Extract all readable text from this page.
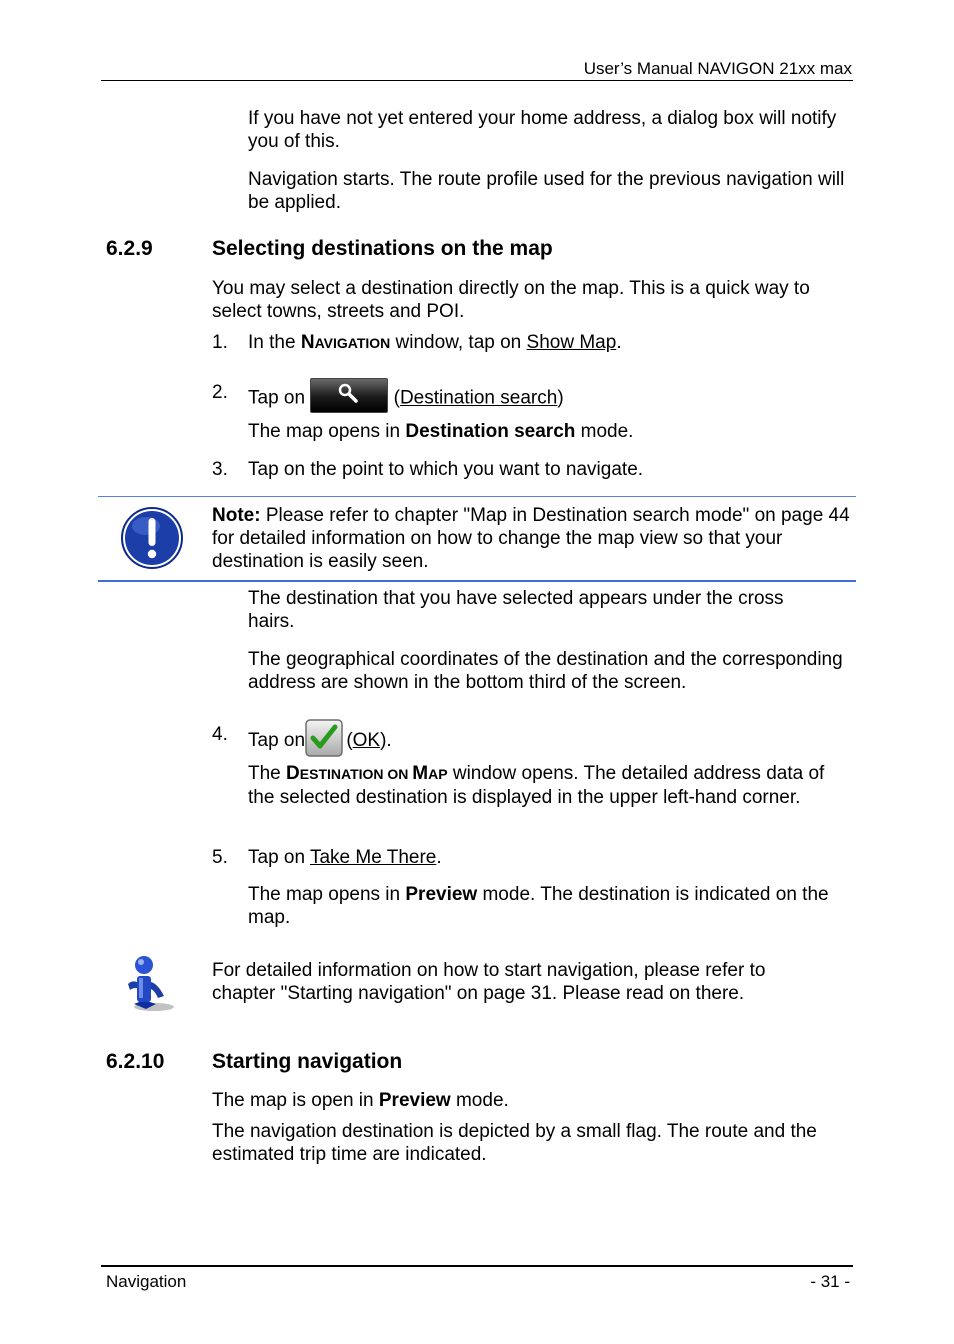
User’s Manual NAVIGON 21xx max

If you have not yet entered your home address, a dialog box will notify you of this.

Navigation starts. The route profile used for the previous navigation will be applied.

6.2.9	Selecting destinations on the map

You may select a destination directly on the map. This is a quick way to select towns, streets and POI.

1. In the NAVIGATION window, tap on Show Map.

2. Tap on	(Destination search)

The map opens in Destination search mode.

3. Tap on the point to which you want to navigate.

Note: Please refer to chapter "Map in Destination search mode" on page 44 for detailed information on how to change the map view so that your destination is easily seen.

The destination that you have selected appears under the cross hairs.

The geographical coordinates of the destination and the corresponding address are shown in the bottom third of the screen.

4. Tap on (OK).

The DESTINATION ON MAP window opens. The detailed address data of the selected destination is displayed in the upper left-hand corner.

5. Tap on Take Me There.

The map opens in Preview mode. The destination is indicated on the map.

For detailed information on how to start navigation, please refer to chapter "Starting navigation" on page 31. Please read on there.

6.2.10 Starting navigation

The map is open in Preview mode.

The navigation destination is depicted by a small flag. The route and the estimated trip time are indicated.

Navigation	- 31 -
